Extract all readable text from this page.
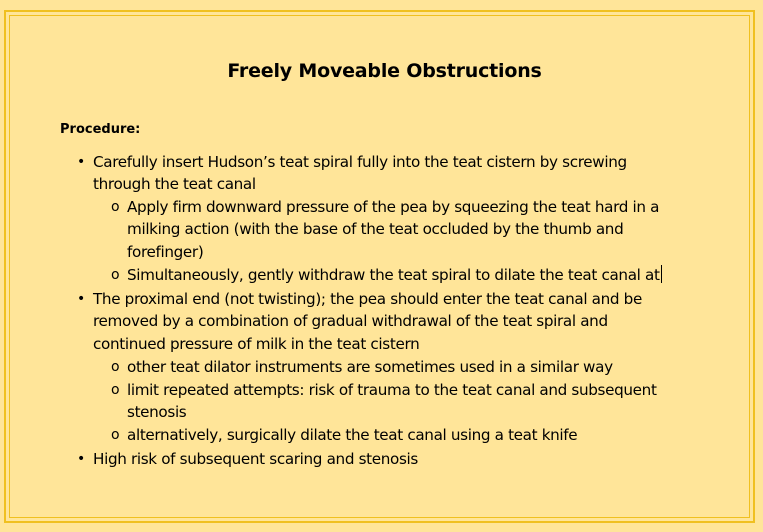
Freely Moveable Obstructions
Procedure:
• Carefully insert Hudson’s teat spiral fully into the teat cistern by screwing
through the teat canal
o Apply firm downward pressure of the pea by squeezing the teat hard in a
milking action (with the base of the teat occluded by the thumb and
forefinger)
o Simultaneously, gently withdraw the teat spiral to dilate the teat canal at
• The proximal end (not twisting); the pea should enter the teat canal and be
removed by a combination of gradual withdrawal of the teat spiral and
continued pressure of milk in the teat cistern
o other teat dilator instruments are sometimes used in a similar way
o limit repeated attempts: risk of trauma to the teat canal and subsequent
stenosis
o alternatively, surgically dilate the teat canal using a teat knife
• High risk of subsequent scaring and stenosis
